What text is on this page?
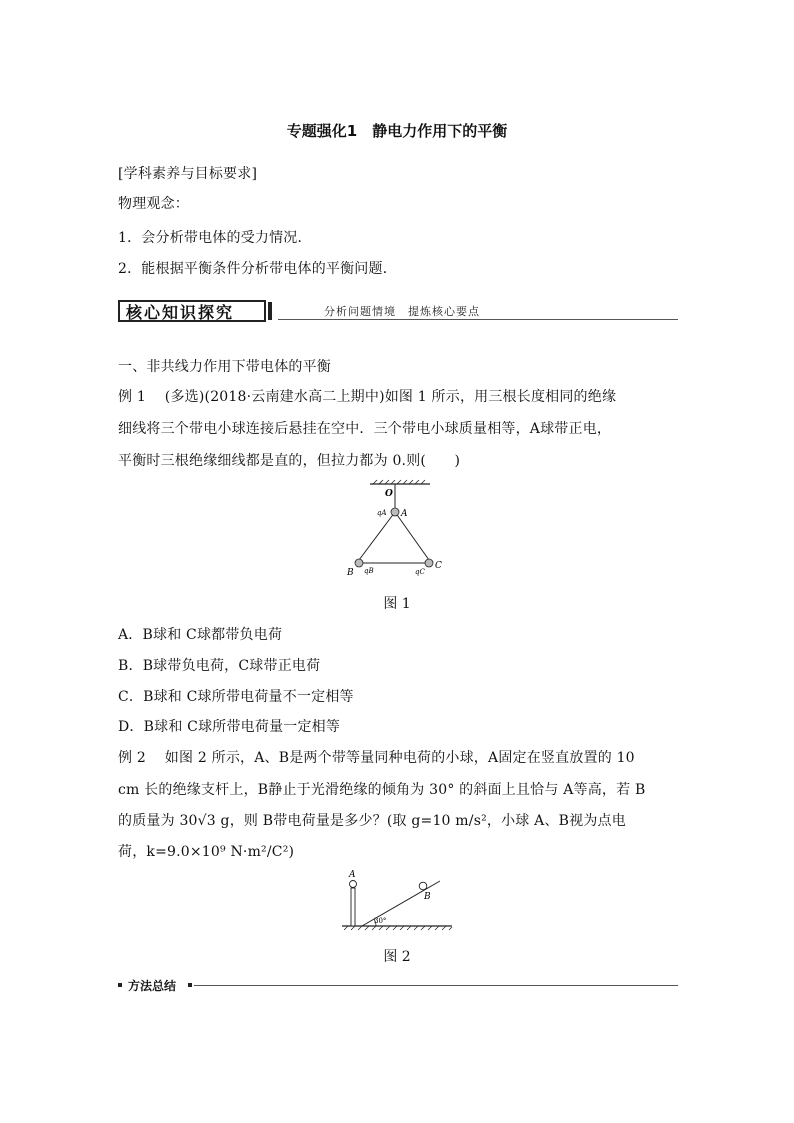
专题强化1　静电力作用下的平衡
[学科素养与目标要求]
物理观念：
1．会分析带电体的受力情况．
2．能根据平衡条件分析带电体的平衡问题．
核心知识探究	分析问题情境　提炼核心要点
一、非共线力作用下带电体的平衡
例 1　 (多选)(2018·云南建水高二上期中)如图 1 所示，用三根长度相同的绝缘
细线将三个带电小球连接后悬挂在空中．三个带电小球质量相等，A球带正电，
平衡时三根绝缘细线都是直的，但拉力都为 0.则(　　)
O
A
qA
B qB	C
qC
图 1
A．B球和 C球都带负电荷
B．B球带负电荷，C球带正电荷
C．B球和 C球所带电荷量不一定相等
D．B球和 C球所带电荷量一定相等
例 2　 如图 2 所示，A、B是两个带等量同种电荷的小球，A固定在竖直放置的 10
cm 长的绝缘支杆上，B静止于光滑绝缘的倾角为 30° 的斜面上且恰与 A等高，若 B
的质量为 30√3 g，则 B带电荷量是多少？(取 g=10 m/s²，小球 A、B视为点电
荷，k=9.0×10⁹ N·m²/C²)
A
B
30°
图 2
方法总结
